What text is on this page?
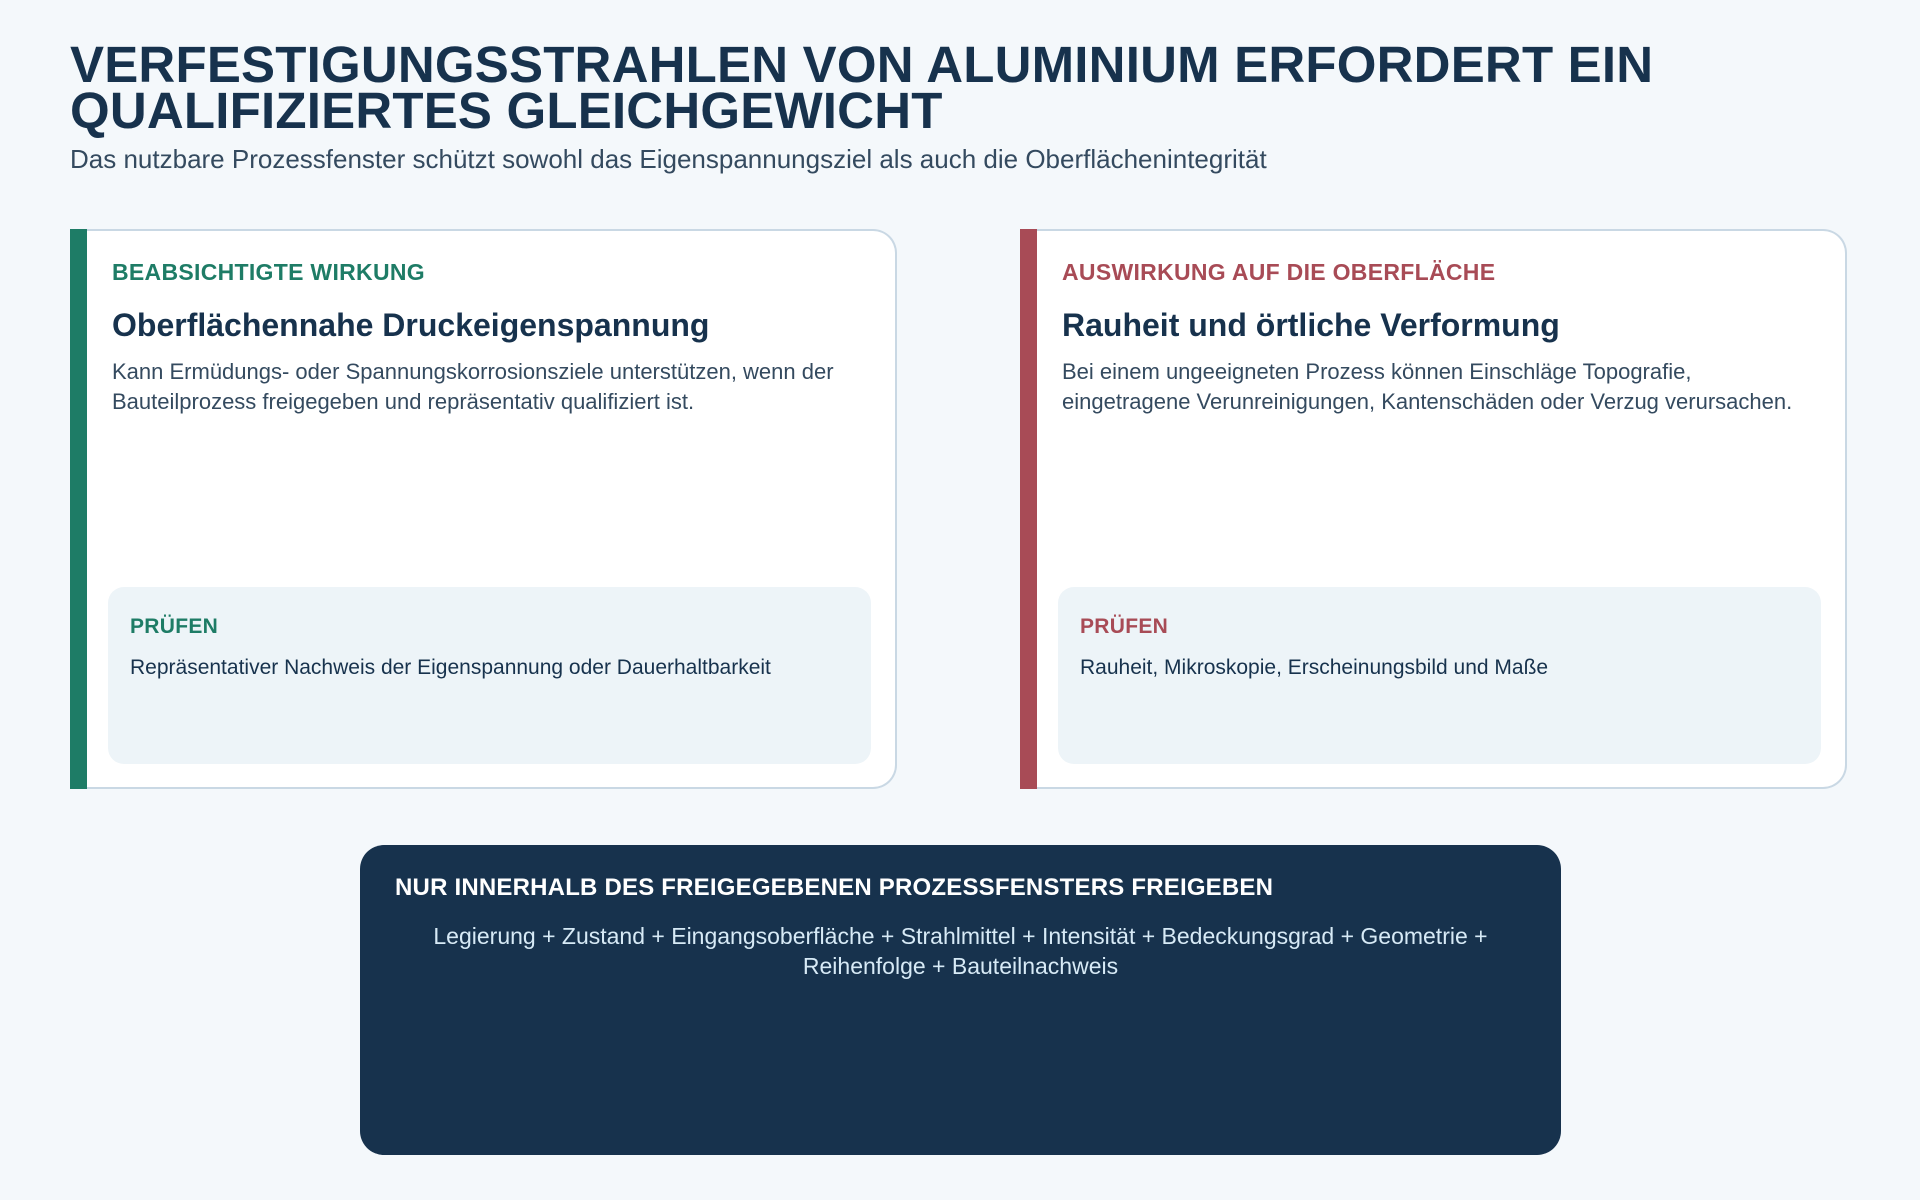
VERFESTIGUNGSSTRAHLEN VON ALUMINIUM ERFORDERT EIN QUALIFIZIERTES GLEICHGEWICHT

Das nutzbare Prozessfenster schützt sowohl das Eigenspannungsziel als auch die Oberflächenintegrität

BEABSICHTIGTE WIRKUNG
Oberflächennahe Druckeigenspannung

Kann Ermüdungs- oder Spannungskorrosionsziele unterstützen, wenn der Bauteilprozess freigegeben und repräsentativ qualifiziert ist.

PRÜFEN
Repräsentativer Nachweis der Eigenspannung oder Dauerhaltbarkeit
AUSWIRKUNG AUF DIE OBERFLÄCHE
Rauheit und örtliche Verformung

Bei einem ungeeigneten Prozess können Einschläge Topografie, eingetragene Verunreinigungen, Kantenschäden oder Verzug verursachen.

PRÜFEN
Rauheit, Mikroskopie, Erscheinungsbild und Maße
NUR INNERHALB DES FREIGEGEBENEN PROZESSFENSTERS FREIGEBEN
Legierung + Zustand + Eingangsoberfläche + Strahlmittel + Intensität + Bedeckungsgrad + Geometrie + Reihenfolge + Bauteilnachweis
